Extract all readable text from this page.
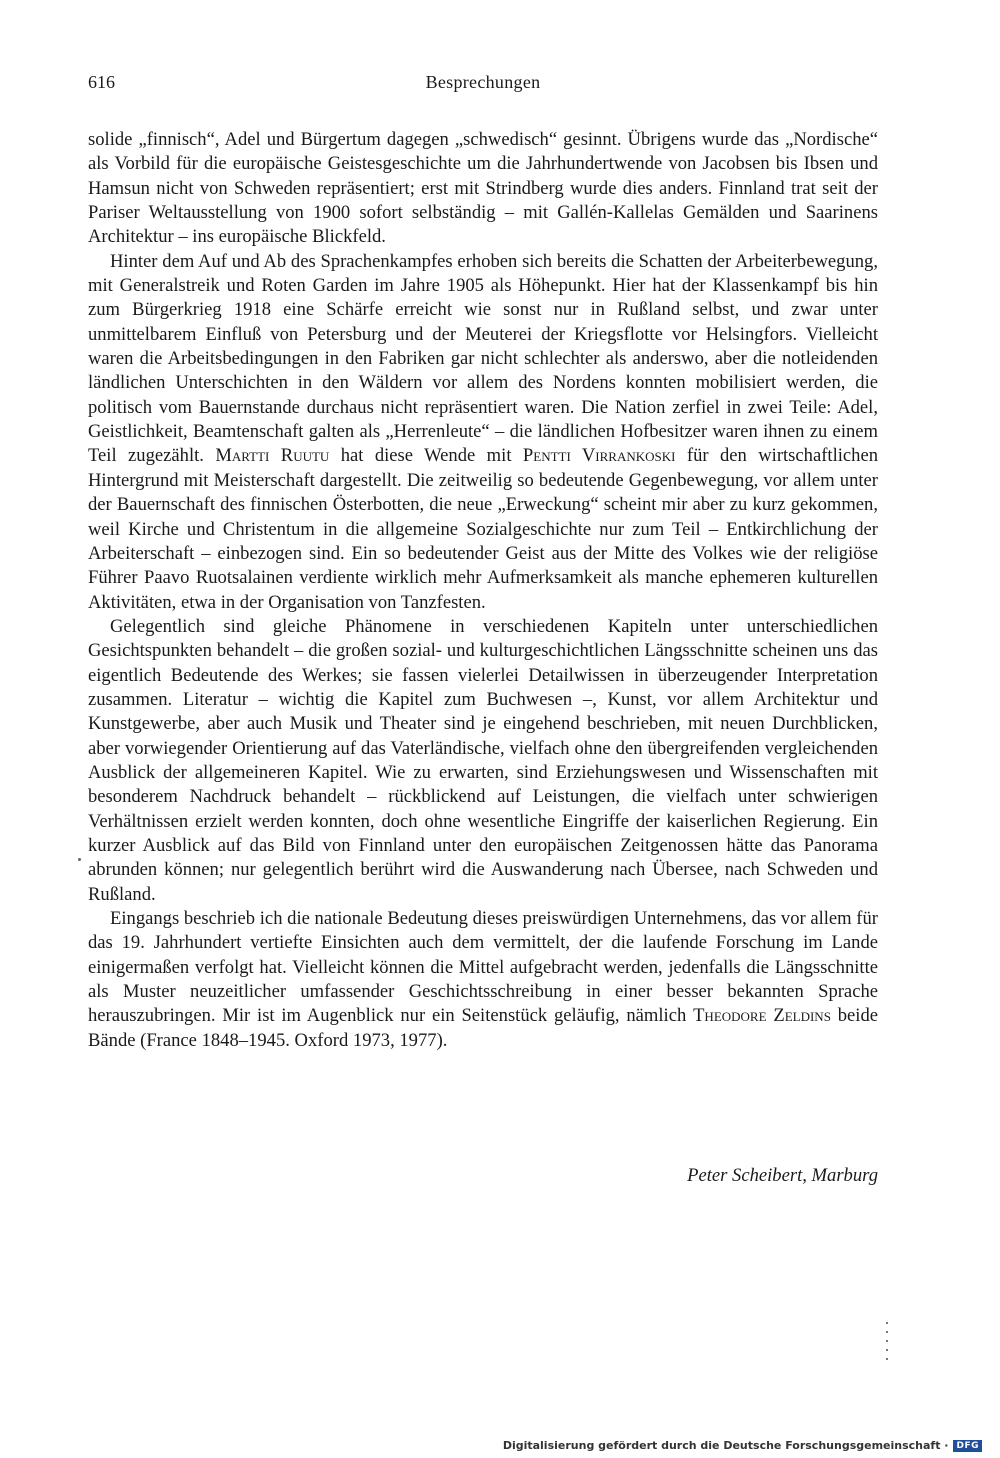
616	Besprechungen

solide „finnisch“, Adel und Bürgertum dagegen „schwedisch“ gesinnt. Übrigens wurde das „Nordische“ als Vorbild für die europäische Geistesgeschichte um die Jahrhundertwende von Jacobsen bis Ibsen und Hamsun nicht von Schweden repräsentiert; erst mit Strindberg wurde dies anders. Finnland trat seit der Pariser Weltausstellung von 1900 sofort selbständig – mit Gallén-Kallelas Gemälden und Saarinens Architektur – ins europäische Blickfeld.

Hinter dem Auf und Ab des Sprachenkampfes erhoben sich bereits die Schatten der Arbeiterbewegung, mit Generalstreik und Roten Garden im Jahre 1905 als Höhepunkt. Hier hat der Klassenkampf bis hin zum Bürgerkrieg 1918 eine Schärfe erreicht wie sonst nur in Rußland selbst, und zwar unter unmittelbarem Einfluß von Petersburg und der Meuterei der Kriegsflotte vor Helsingfors. Vielleicht waren die Arbeitsbedingungen in den Fabriken gar nicht schlechter als anderswo, aber die notleidenden ländlichen Unterschichten in den Wäldern vor allem des Nordens konnten mobilisiert werden, die politisch vom Bauernstande durchaus nicht repräsentiert waren. Die Nation zerfiel in zwei Teile: Adel, Geistlichkeit, Beamtenschaft galten als „Herrenleute“ – die ländlichen Hofbesitzer waren ihnen zu einem Teil zugezählt. Martti Ruutu hat diese Wende mit Pentti Virrankoski für den wirtschaftlichen Hintergrund mit Meisterschaft dargestellt. Die zeitweilig so bedeutende Gegenbewegung, vor allem unter der Bauernschaft des finnischen Österbotten, die neue „Erweckung“ scheint mir aber zu kurz gekommen, weil Kirche und Christentum in die allgemeine Sozialgeschichte nur zum Teil – Entkirchlichung der Arbeiterschaft – einbezogen sind. Ein so bedeutender Geist aus der Mitte des Volkes wie der religiöse Führer Paavo Ruotsalainen verdiente wirklich mehr Aufmerksamkeit als manche ephemeren kulturellen Aktivitäten, etwa in der Organisation von Tanzfesten.

Gelegentlich sind gleiche Phänomene in verschiedenen Kapiteln unter unterschiedlichen Gesichtspunkten behandelt – die großen sozial- und kulturgeschichtlichen Längsschnitte scheinen uns das eigentlich Bedeutende des Werkes; sie fassen vielerlei Detailwissen in überzeugender Interpretation zusammen. Literatur – wichtig die Kapitel zum Buchwesen –, Kunst, vor allem Architektur und Kunstgewerbe, aber auch Musik und Theater sind je eingehend beschrieben, mit neuen Durchblicken, aber vorwiegender Orientierung auf das Vaterländische, vielfach ohne den übergreifenden vergleichenden Ausblick der allgemeineren Kapitel. Wie zu erwarten, sind Erziehungswesen und Wissenschaften mit besonderem Nachdruck behandelt – rückblickend auf Leistungen, die vielfach unter schwierigen Verhältnissen erzielt werden konnten, doch ohne wesentliche Eingriffe der kaiserlichen Regierung. Ein kurzer Ausblick auf das Bild von Finnland unter den europäischen Zeitgenossen hätte das Panorama abrunden können; nur gelegentlich berührt wird die Auswanderung nach Übersee, nach Schweden und Rußland.

Eingangs beschrieb ich die nationale Bedeutung dieses preiswürdigen Unternehmens, das vor allem für das 19. Jahrhundert vertiefte Einsichten auch dem vermittelt, der die laufende Forschung im Lande einigermaßen verfolgt hat. Vielleicht können die Mittel aufgebracht werden, jedenfalls die Längsschnitte als Muster neuzeitlicher umfassender Geschichtsschreibung in einer besser bekannten Sprache herauszubringen. Mir ist im Augenblick nur ein Seitenstück geläufig, nämlich Theodore Zeldins beide Bände (France 1848–1945. Oxford 1973, 1977).

Peter Scheibert, Marburg
Digitalisierung gefördert durch die Deutsche Forschungsgemeinschaft · DFG
